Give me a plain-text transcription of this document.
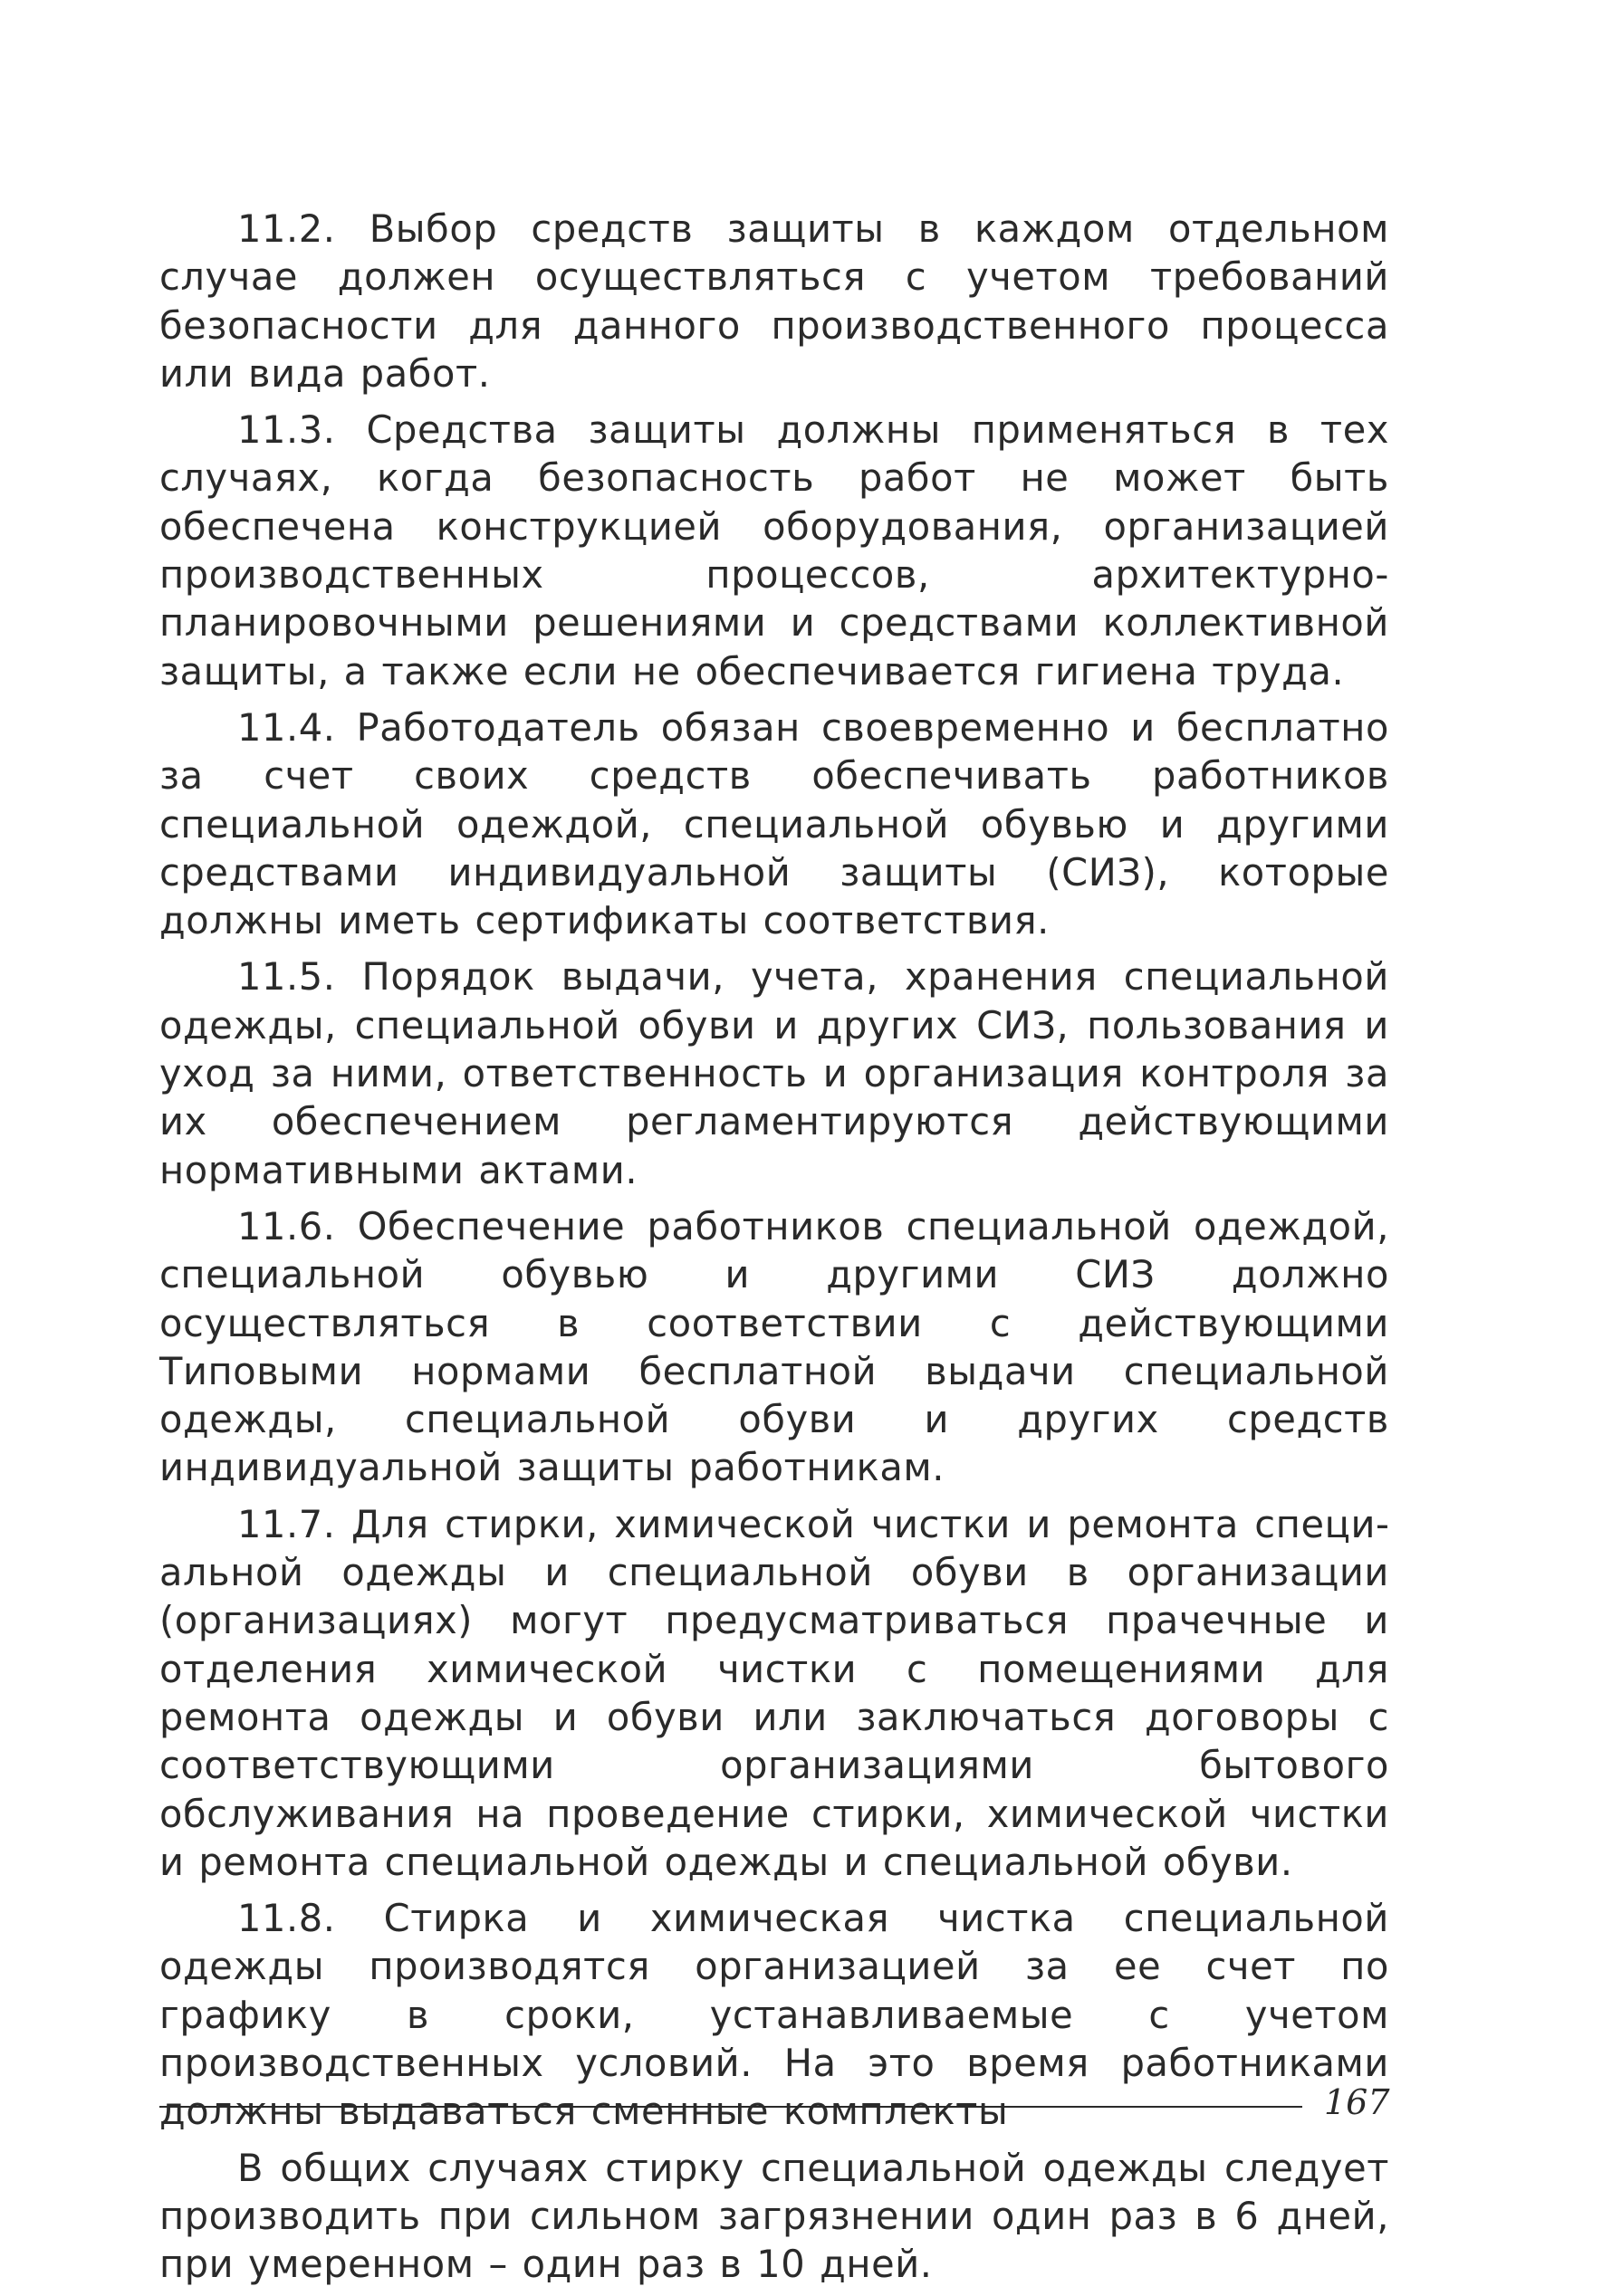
11.2. Выбор средств защиты в каждом отдельном случае должен осуществляться с учетом требований безопасности для данного производственного процесса или вида работ.

11.3. Средства защиты должны применяться в тех случаях, когда безопасность работ не может быть обеспечена конструкцией оборудования, организацией производственных процессов, архитектурно-планировочными решениями и средствами коллективной защиты, а также если не обеспечивается гигиена труда.

11.4. Работодатель обязан своевременно и бесплатно за счет своих средств обеспечивать работников специальной одеждой, специальной обувью и другими средствами индивидуальной защиты (СИЗ), которые должны иметь сертификаты соответствия.

11.5. Порядок выдачи, учета, хранения специальной одежды, специальной обуви и других СИЗ, пользования и уход за ними, ответственность и организация контроля за их обеспечением регламентируются действующими нормативными актами.

11.6. Обеспечение работников специальной одеждой, специальной обувью и другими СИЗ должно осуществляться в соответствии с действующими Типовыми нормами бесплатной выдачи специальной одежды, специальной обуви и других средств индивидуальной защиты работникам.

11.7. Для стирки, химической чистки и ремонта специальной одежды и специальной обуви в организации (организациях) могут предусматриваться прачечные и отделения химической чистки с помещениями для ремонта одежды и обуви или заключаться договоры с соответствующими организациями бытового обслуживания на проведение стирки, химической чистки и ремонта специальной одежды и специальной обуви.

11.8. Стирка и химическая чистка специальной одежды производятся организацией за ее счет по графику в сроки, устанавливаемые с учетом производственных условий. На это время работниками должны выдаваться сменные комплекты

В общих случаях стирку специальной одежды следует производить при сильном загрязнении один раз в 6 дней, при умеренном – один раз в 10 дней.

167
